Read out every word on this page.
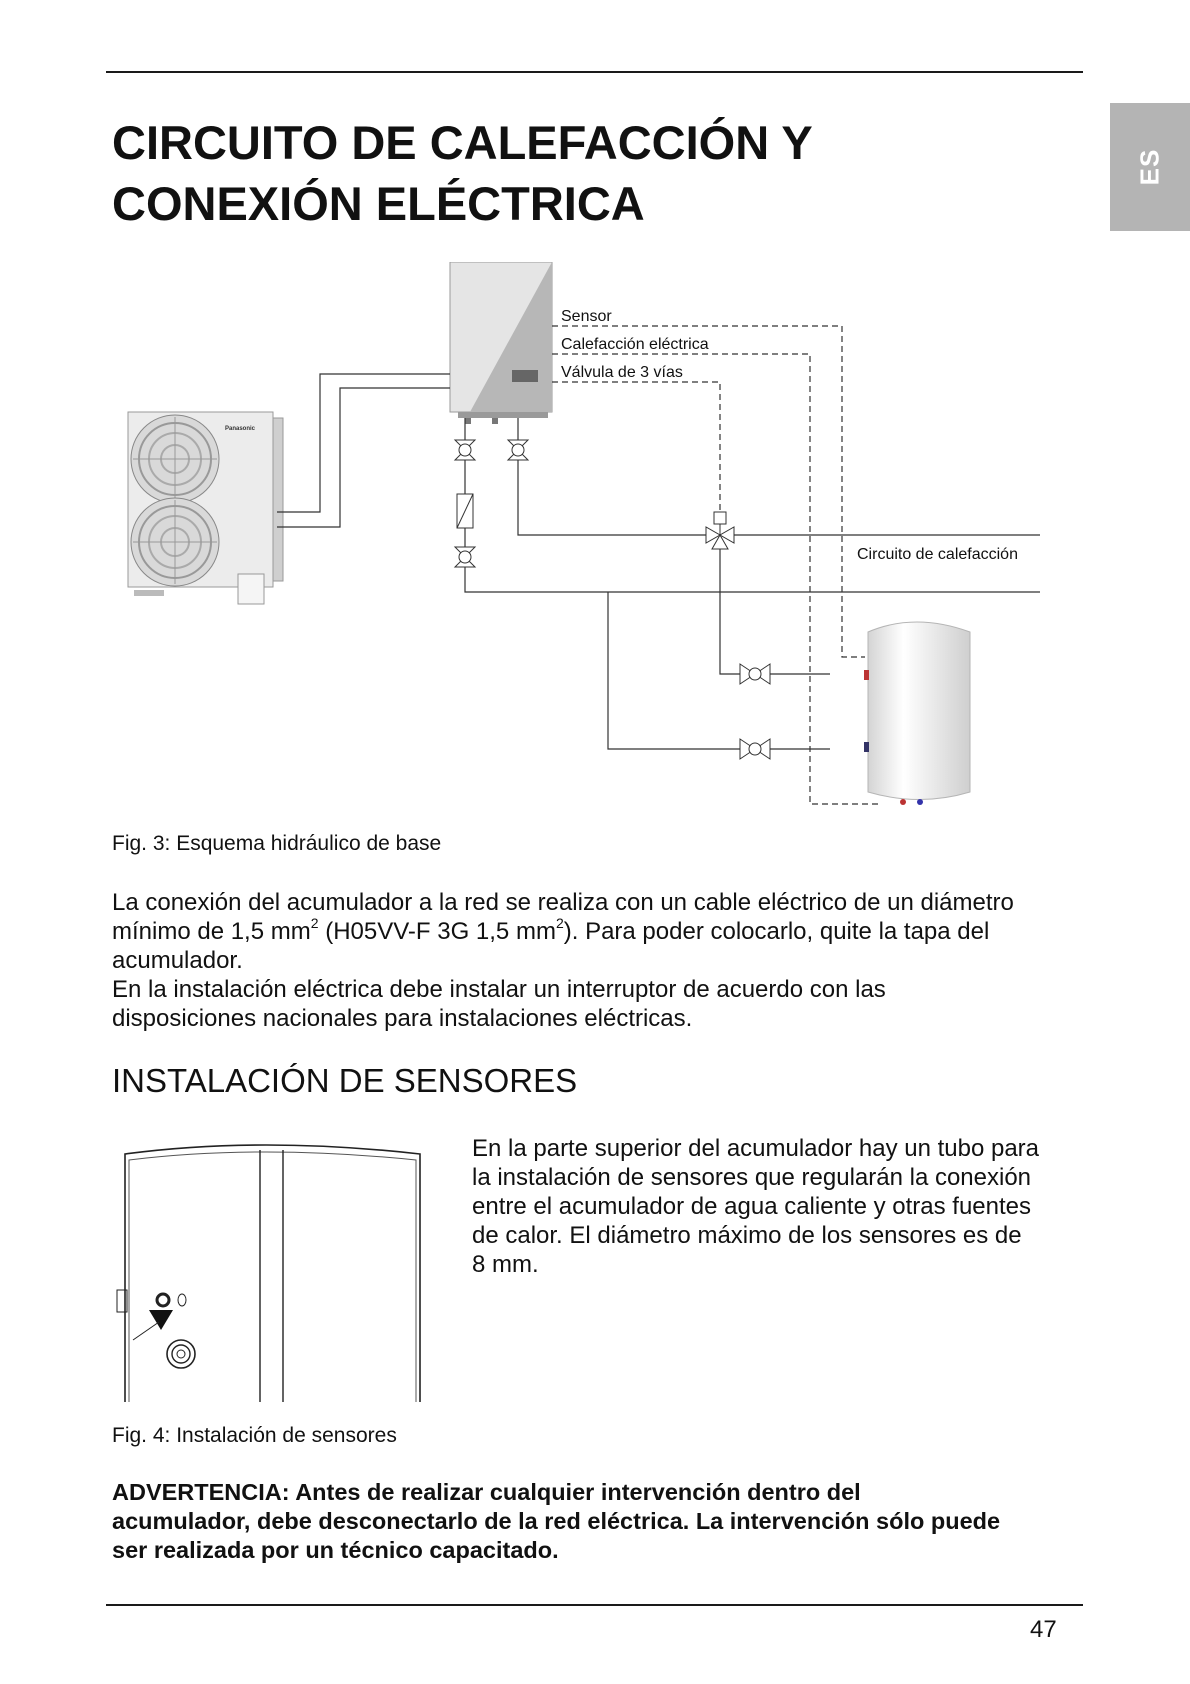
ES
CIRCUITO DE CALEFACCIÓN Y
CONEXIÓN ELÉCTRICA
Panasonic
Sensor
Calefacción eléctrica
Válvula de 3 vías
Circuito de calefacción

Fig. 3: Esquema hidráulico de base

La conexión del acumulador a la red se realiza con un cable eléctrico de un diámetro

mínimo de 1,5 $mm^2$ (H05VV-F 3G 1,5 $mm^2$). Para poder colocarlo, quite la tapa del

acumulador.

En la instalación eléctrica debe instalar un interruptor de acuerdo con las

disposiciones nacionales para instalaciones eléctricas.

INSTALACIÓN DE SENSORES
En la parte superior del acumulador hay un tubo para
la instalación de sensores que regularán la conexión
entre el acumulador de agua caliente y otras fuentes
de calor. El diámetro máximo de los sensores es de
8 mm.

Fig. 4: Instalación de sensores

ADVERTENCIA: Antes de realizar cualquier intervención dentro del
acumulador, debe desconectarlo de la red eléctrica. La intervención sólo puede
ser realizada por un técnico capacitado.
47
